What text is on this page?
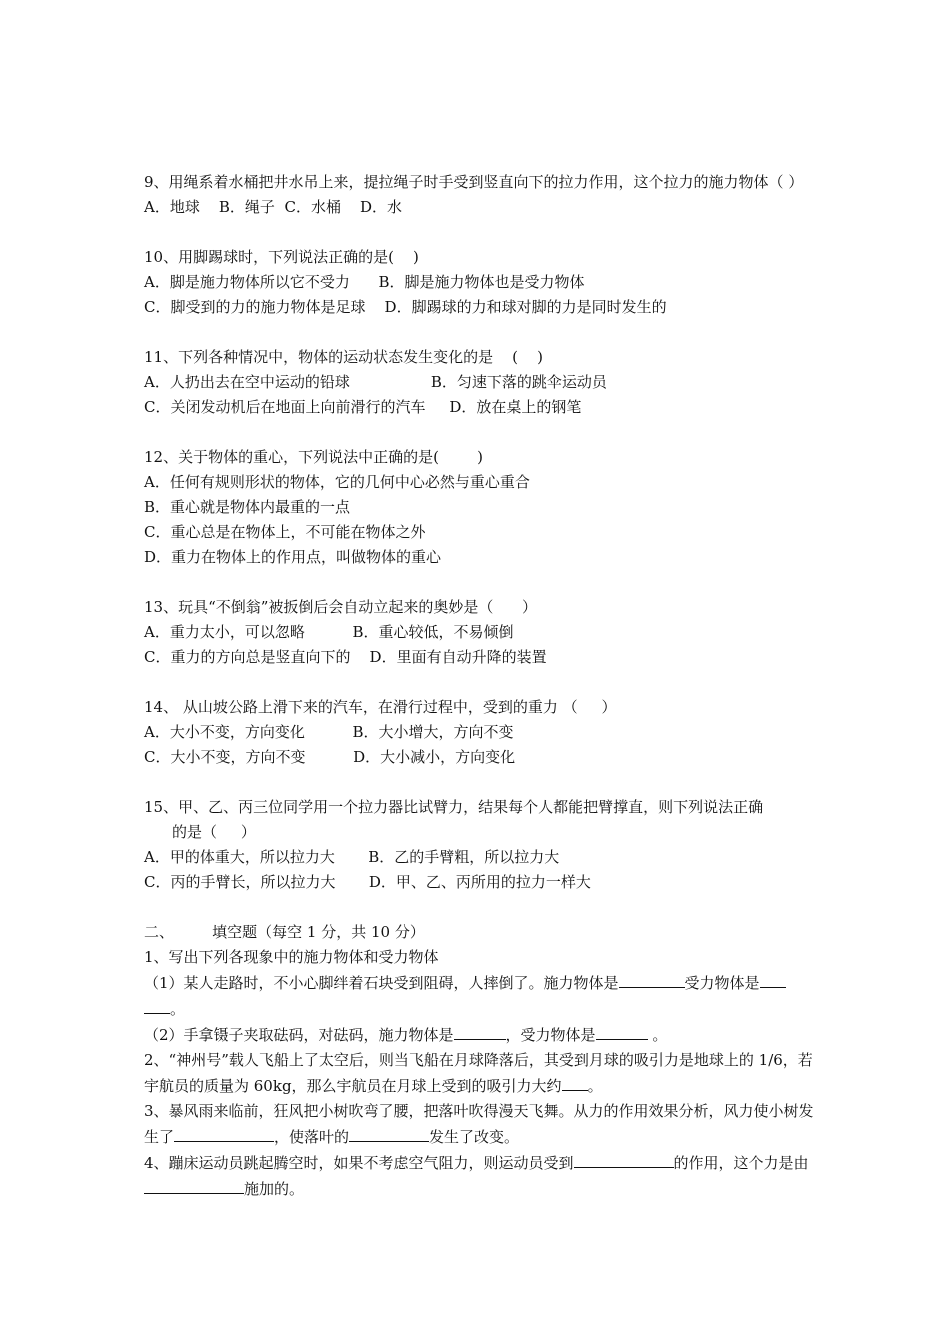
9、用绳系着水桶把井水吊上来，提拉绳子时手受到竖直向下的拉力作用，这个拉力的施力物体（ ）
A．地球    B．绳子  C．水桶    D．水
10、用脚踢球时，下列说法正确的是(    )
A．脚是施力物体所以它不受力      B．脚是施力物体也是受力物体
C．脚受到的力的施力物体是足球    D．脚踢球的力和球对脚的力是同时发生的
11、下列各种情况中，物体的运动状态发生变化的是    (    )
A．人扔出去在空中运动的铅球                 B．匀速下落的跳伞运动员
C．关闭发动机后在地面上向前滑行的汽车     D．放在桌上的钢笔
12、关于物体的重心，下列说法中正确的是(        )
A．任何有规则形状的物体，它的几何中心必然与重心重合
B．重心就是物体内最重的一点
C．重心总是在物体上，不可能在物体之外
D．重力在物体上的作用点，叫做物体的重心
13、玩具“不倒翁”被扳倒后会自动立起来的奥妙是（      ）
A．重力太小，可以忽略          B．重心较低，不易倾倒
C．重力的方向总是竖直向下的    D．里面有自动升降的装置
14、 从山坡公路上滑下来的汽车，在滑行过程中，受到的重力 （     ）
A．大小不变，方向变化          B．大小增大，方向不变
C．大小不变，方向不变          D．大小减小，方向变化
15、甲、乙、丙三位同学用一个拉力器比试臂力，结果每个人都能把臂撑直，则下列说法正确
的是（     ）
A．甲的体重大，所以拉力大       B．乙的手臂粗，所以拉力大
C．丙的手臂长，所以拉力大       D．甲、乙、丙所用的拉力一样大
二、        填空题（每空 1 分，共 10 分）
1、写出下列各现象中的施力物体和受力物体
（1）某人走路时，不小心脚绊着石块受到阻碍，人摔倒了。施力物体是	受力物体是
。
（2）手拿镊子夹取砝码，对砝码，施力物体是	，受力物体是	。
2、“神州号”载人飞船上了太空后，则当飞船在月球降落后，其受到月球的吸引力是地球上的 1/6，若宇航员的质量为 60kg，那么宇航员在月球上受到的吸引力大约 。
3、暴风雨来临前，狂风把小树吹弯了腰，把落叶吹得漫天飞舞。从力的作用效果分析，风力使小树发生了	，使落叶的	发生了改变。
4、蹦床运动员跳起腾空时，如果不考虑空气阻力，则运动员受到	的作用，这个力是由施加的。
